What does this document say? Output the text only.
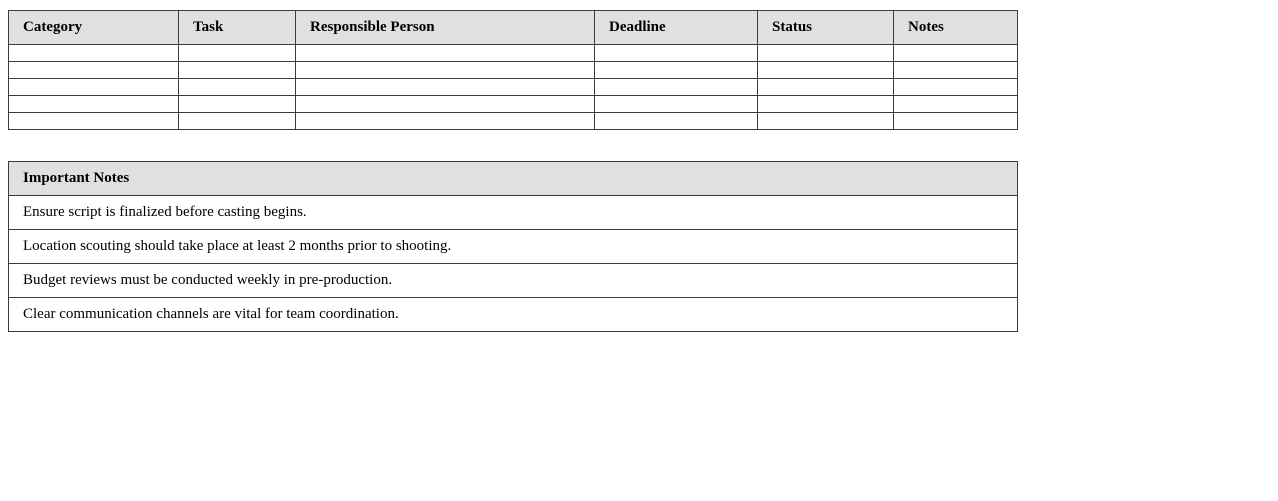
Category	Task	Responsible Person	Deadline	Status	Notes

Important Notes
Ensure script is finalized before casting begins.
Location scouting should take place at least 2 months prior to shooting.
Budget reviews must be conducted weekly in pre-production.
Clear communication channels are vital for team coordination.
